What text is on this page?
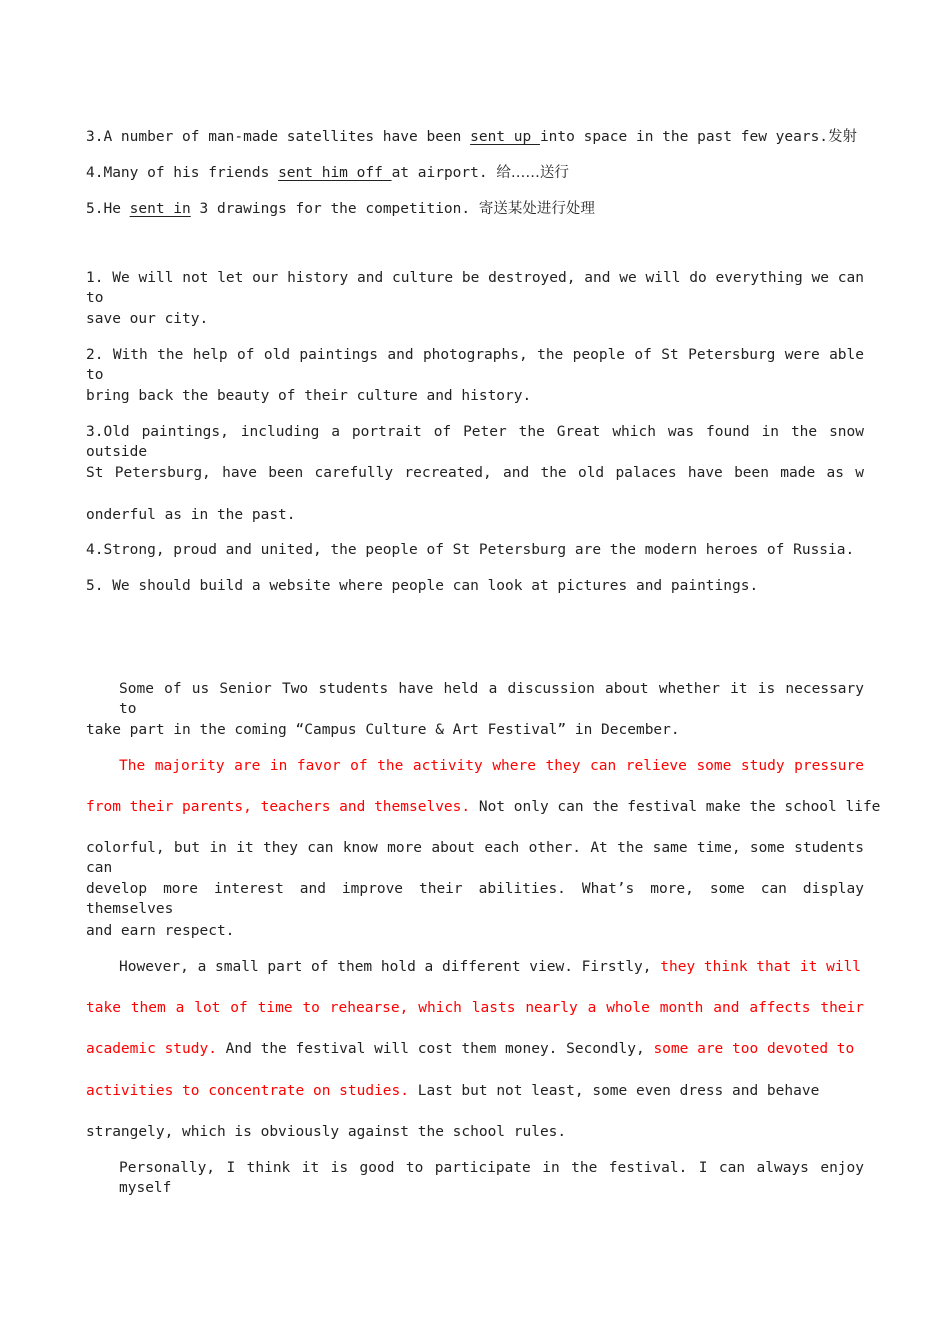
3.A number of man-made satellites have been sent up into space in the past few years.发射
4.Many of his friends sent him off at airport. 给……送行
5.He sent in 3 drawings for the competition. 寄送某处进行处理
1. We will not let our history and culture be destroyed, and we will do everything we can to
save our city.
2. With the help of old paintings and photographs, the people of St Petersburg were able to
bring back the beauty of their culture and history.
3.Old paintings, including a portrait of Peter the Great which was found in the snow outside
St Petersburg, have been carefully recreated, and the old palaces have been made as w
onderful as in the past.
4.Strong, proud and united, the people of St Petersburg are the modern heroes of Russia.
5. We should build a website where people can look at pictures and paintings.
Some of us Senior Two students have held a discussion about whether it is necessary to
take part in the coming “Campus Culture & Art Festival” in December.
The majority are in favor of the activity where they can relieve some study pressure
from their parents, teachers and themselves. Not only can the festival make the school life
colorful, but in it they can know more about each other. At the same time, some students can
develop more interest and improve their abilities. What’s more, some can display themselves
and earn respect.
However, a small part of them hold a different view. Firstly, they think that it will
take them a lot of time to rehearse, which lasts nearly a whole month and affects their
academic study. And the festival will cost them money. Secondly, some are too devoted to
activities to concentrate on studies. Last but not least, some even dress and behave
strangely, which is obviously against the school rules.
Personally, I think it is good to participate in the festival. I can always enjoy myself
